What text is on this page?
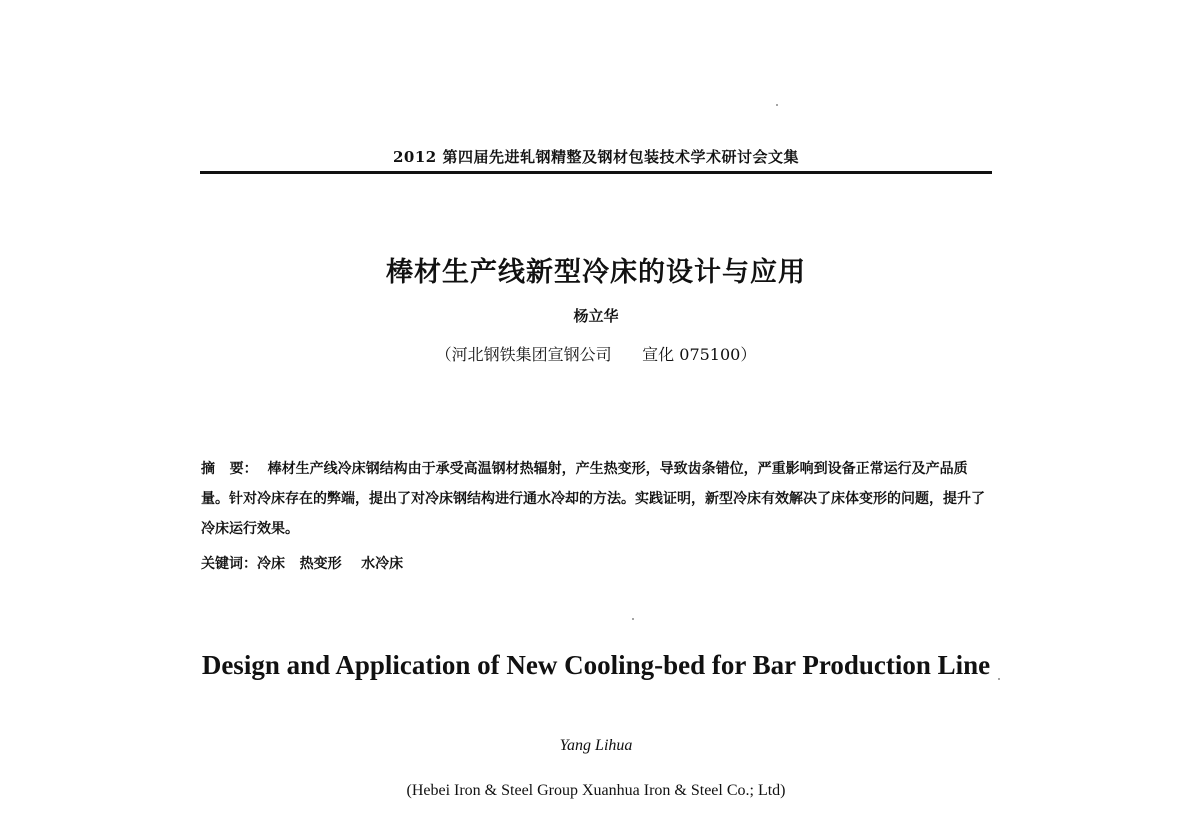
2012 第四届先进轧钢精整及钢材包装技术学术研讨会文集
棒材生产线新型冷床的设计与应用
杨立华
（河北钢铁集团宣钢公司      宣化 075100）
摘   要： 棒材生产线冷床钢结构由于承受高温钢材热辐射，产生热变形，导致齿条错位，严重影响到设备正常运行及产品质量。针对冷床存在的弊端，提出了对冷床钢结构进行通水冷却的方法。实践证明，新型冷床有效解决了床体变形的问题，提升了冷床运行效果。
关键词：冷床   热变形    水冷床
Design and Application of New Cooling-bed for Bar Production Line
Yang Lihua
(Hebei Iron & Steel Group Xuanhua Iron & Steel Co.; Ltd)
